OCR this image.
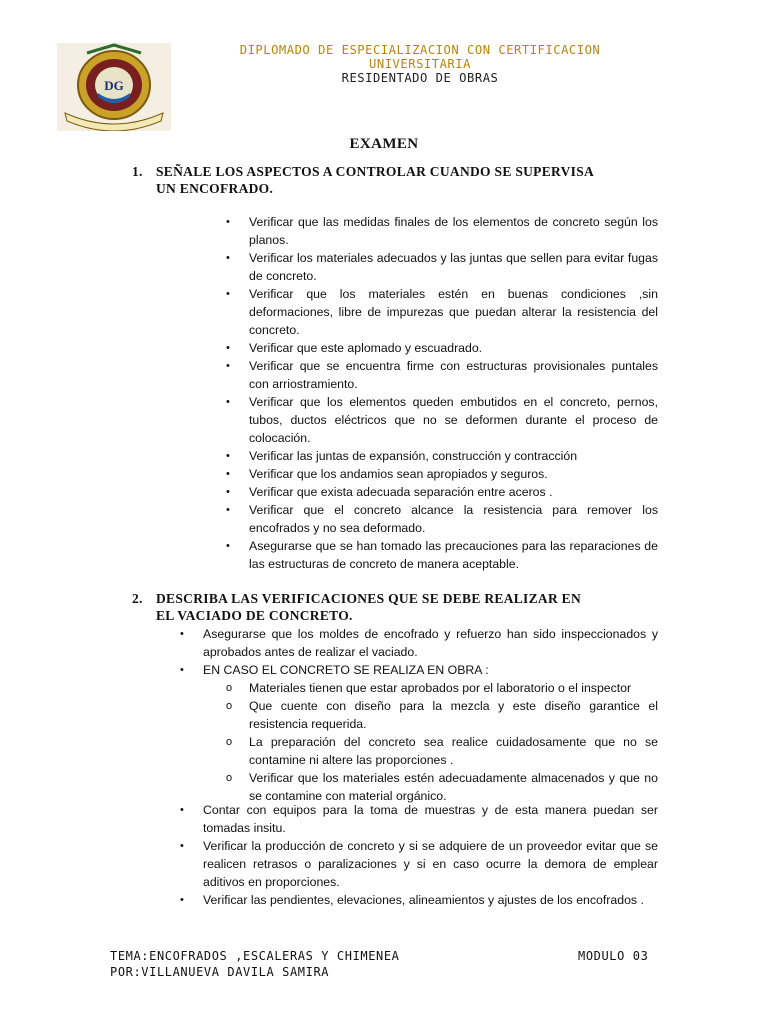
DG
DIPLOMADO DE ESPECIALIZACION CON CERTIFICACION
UNIVERSITARIA
RESIDENTADO DE OBRAS
EXAMEN
1. SEÑALE LOS ASPECTOS A CONTROLAR CUANDO SE SUPERVISA
UN ENCOFRADO.
• Verificar que las medidas finales de los elementos de concreto según los planos.
• Verificar los materiales adecuados y las juntas que sellen para evitar fugas de concreto.
• Verificar que los materiales estén en buenas condiciones ,sin deformaciones, libre de impurezas que puedan alterar la resistencia del concreto.
• Verificar que este aplomado y escuadrado.
• Verificar que se encuentra firme con estructuras provisionales puntales con arriostramiento.
• Verificar que los elementos queden embutidos en el concreto, pernos, tubos, ductos eléctricos que no se deformen durante el proceso de colocación.
• Verificar las juntas de expansión, construcción y contracción
• Verificar que los andamios sean apropiados y seguros.
• Verificar que exista adecuada separación entre aceros .
• Verificar que el concreto alcance la resistencia para remover los encofrados y no sea deformado.
• Asegurarse que se han tomado las precauciones para las reparaciones de las estructuras de concreto de manera aceptable.
2. DESCRIBA LAS VERIFICACIONES QUE SE DEBE REALIZAR EN
EL VACIADO DE CONCRETO.
• Asegurarse que los moldes de encofrado y refuerzo han sido inspeccionados y aprobados antes de realizar el vaciado.
• EN CASO EL CONCRETO SE REALIZA EN OBRA :
o Materiales tienen que estar aprobados por el laboratorio o el inspector
o Que cuente con diseño para la mezcla y este diseño garantice el resistencia requerida.
o La preparación del concreto sea realice cuidadosamente que no se contamine ni altere las proporciones .
o Verificar que los materiales estén adecuadamente almacenados y que no se contamine con material orgánico.
• Contar con equipos para la toma de muestras y de esta manera puedan ser tomadas insitu.
• Verificar la producción de concreto y si se adquiere de un proveedor evitar que se realicen retrasos o paralizaciones y si en caso ocurre la demora de emplear aditivos en proporciones.
• Verificar las pendientes, elevaciones, alineamientos y ajustes de los encofrados .
TEMA:ENCOFRADOS ,ESCALERAS Y CHIMENEA	MODULO 03
POR:VILLANUEVA DAVILA SAMIRA
